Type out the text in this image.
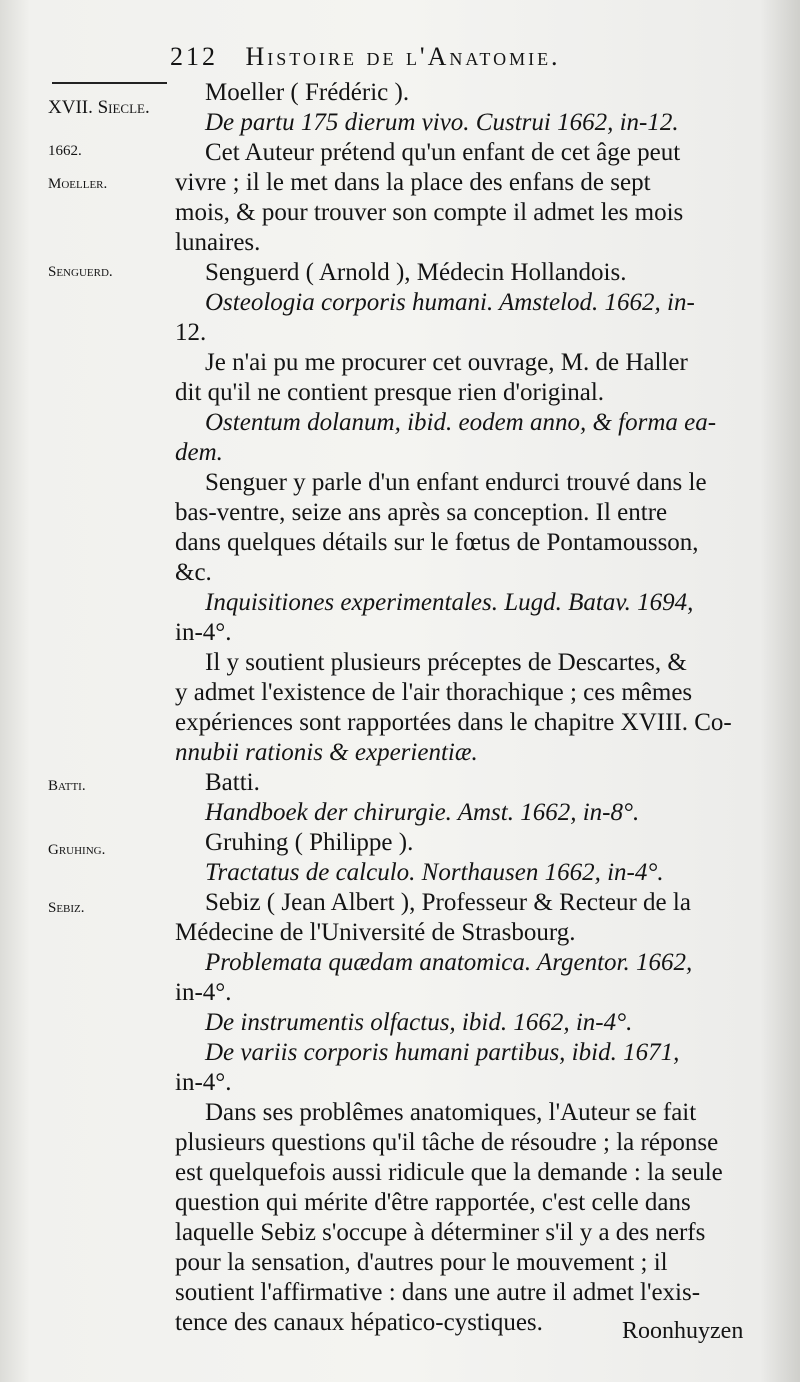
212 Histoire de l'Anatomie.
XVII. Siecle.
1662.
Moeller.
Senguerd.
Batti.
Gruhing.
Sebiz.
Moeller ( Frédéric ).
De partu 175 dierum vivo. Custrui 1662, in-12.
Cet Auteur prétend qu'un enfant de cet âge peut
vivre ; il le met dans la place des enfans de sept
mois, & pour trouver son compte il admet les mois
lunaires.
Senguerd ( Arnold ), Médecin Hollandois.
Osteologia corporis humani. Amstelod. 1662, in-
12.
Je n'ai pu me procurer cet ouvrage, M. de Haller
dit qu'il ne contient presque rien d'original.
Ostentum dolanum, ibid. eodem anno, & forma ea-
dem.
Senguer y parle d'un enfant endurci trouvé dans le
bas-ventre, seize ans après sa conception. Il entre
dans quelques détails sur le fœtus de Pontamousson,
&c.
Inquisitiones experimentales. Lugd. Batav. 1694,
in-4°.
Il y soutient plusieurs préceptes de Descartes, &
y admet l'existence de l'air thorachique ; ces mêmes
expériences sont rapportées dans le chapitre XVIII. Co-
nnubii rationis & experientiæ.
Batti.
Handboek der chirurgie. Amst. 1662, in-8°.
Gruhing ( Philippe ).
Tractatus de calculo. Northausen 1662, in-4°.
Sebiz ( Jean Albert ), Professeur & Recteur de la
Médecine de l'Université de Strasbourg.
Problemata quædam anatomica. Argentor. 1662,
in-4°.
De instrumentis olfactus, ibid. 1662, in-4°.
De variis corporis humani partibus, ibid. 1671,
in-4°.
Dans ses problêmes anatomiques, l'Auteur se fait
plusieurs questions qu'il tâche de résoudre ; la réponse
est quelquefois aussi ridicule que la demande : la seule
question qui mérite d'être rapportée, c'est celle dans
laquelle Sebiz s'occupe à déterminer s'il y a des nerfs
pour la sensation, d'autres pour le mouvement ; il
soutient l'affirmative : dans une autre il admet l'exis-
tence des canaux hépatico-cystiques.	Roonhuyzen
